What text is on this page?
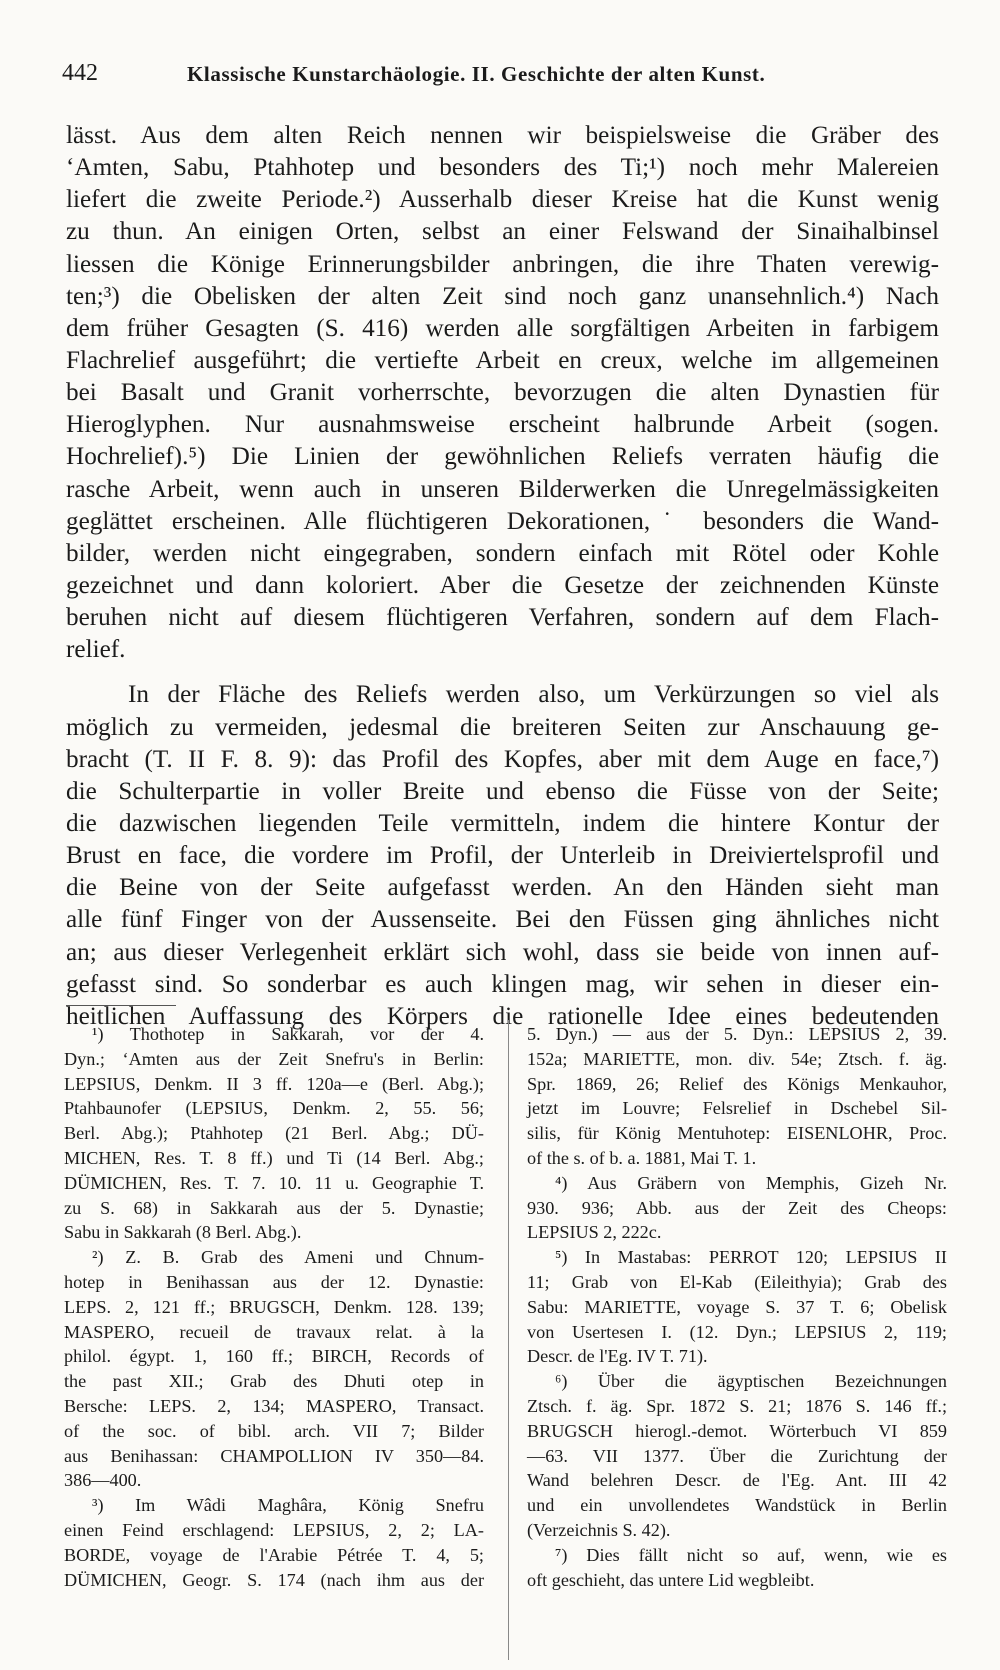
442	Klassische Kunstarchäologie. II. Geschichte der alten Kunst.
lässt. Aus dem alten Reich nennen wir beispielsweise die Gräber des
ʻAmten, Sabu, Ptahhotep und besonders des Ti;¹) noch mehr Malereien
liefert die zweite Periode.²) Ausserhalb dieser Kreise hat die Kunst wenig
zu thun. An einigen Orten, selbst an einer Felswand der Sinaihalbinsel
liessen die Könige Erinnerungsbilder anbringen, die ihre Thaten verewig-
ten;³) die Obelisken der alten Zeit sind noch ganz unansehnlich.⁴) Nach
dem früher Gesagten (S. 416) werden alle sorgfältigen Arbeiten in farbigem
Flachrelief ausgeführt; die vertiefte Arbeit en creux, welche im allgemeinen
bei Basalt und Granit vorherrschte, bevorzugen die alten Dynastien für
Hieroglyphen. Nur ausnahmsweise erscheint halbrunde Arbeit (sogen.
Hochrelief).⁵) Die Linien der gewöhnlichen Reliefs verraten häufig die
rasche Arbeit, wenn auch in unseren Bilderwerken die Unregelmässigkeiten
geglättet erscheinen. Alle flüchtigeren Dekorationen,˙ besonders die Wand-
bilder, werden nicht eingegraben, sondern einfach mit Rötel oder Kohle
gezeichnet und dann koloriert. Aber die Gesetze der zeichnenden Künste
beruhen nicht auf diesem flüchtigeren Verfahren, sondern auf dem Flach-
relief.
In der Fläche des Reliefs werden also, um Verkürzungen so viel als
möglich zu vermeiden, jedesmal die breiteren Seiten zur Anschauung ge-
bracht (T. II F. 8. 9): das Profil des Kopfes, aber mit dem Auge en face,⁷)
die Schulterpartie in voller Breite und ebenso die Füsse von der Seite;
die dazwischen liegenden Teile vermitteln, indem die hintere Kontur der
Brust en face, die vordere im Profil, der Unterleib in Dreiviertelsprofil und
die Beine von der Seite aufgefasst werden. An den Händen sieht man
alle fünf Finger von der Aussenseite. Bei den Füssen ging ähnliches nicht
an; aus dieser Verlegenheit erklärt sich wohl, dass sie beide von innen auf-
gefasst sind. So sonderbar es auch klingen mag, wir sehen in dieser ein-
heitlichen Auffassung des Körpers die rationelle Idee eines bedeutenden
¹) Thothotep in Sakkarah, vor der 4.
Dyn.; ʻAmten aus der Zeit Snefru's in Berlin:
LEPSIUS, Denkm. II 3 ff. 120a—e (Berl. Abg.);
Ptahbaunofer (LEPSIUS, Denkm. 2, 55. 56;
Berl. Abg.); Ptahhotep (21 Berl. Abg.; DÜ-
MICHEN, Res. T. 8 ff.) und Ti (14 Berl. Abg.;
DÜMICHEN, Res. T. 7. 10. 11 u. Geographie T.
zu S. 68) in Sakkarah aus der 5. Dynastie;
Sabu in Sakkarah (8 Berl. Abg.).
²) Z. B. Grab des Ameni und Chnum-
hotep in Benihassan aus der 12. Dynastie:
LEPS. 2, 121 ff.; BRUGSCH, Denkm. 128. 139;
MASPERO, recueil de travaux relat. à la
philol. égypt. 1, 160 ff.; BIRCH, Records of
the past XII.; Grab des Dhuti otep in
Bersche: LEPS. 2, 134; MASPERO, Transact.
of the soc. of bibl. arch. VII 7; Bilder
aus Benihassan: CHAMPOLLION IV 350—84.
386—400.
³) Im Wâdi Maghâra, König Snefru
einen Feind erschlagend: LEPSIUS, 2, 2; LA-
BORDE, voyage de l'Arabie Pétrée T. 4, 5;
DÜMICHEN, Geogr. S. 174 (nach ihm aus der
5. Dyn.) — aus der 5. Dyn.: LEPSIUS 2, 39.
152a; MARIETTE, mon. div. 54e; Ztsch. f. äg.
Spr. 1869, 26; Relief des Königs Menkauhor,
jetzt im Louvre; Felsrelief in Dschebel Sil-
silis, für König Mentuhotep: EISENLOHR, Proc.
of the s. of b. a. 1881, Mai T. 1.
⁴) Aus Gräbern von Memphis, Gizeh Nr.
930. 936; Abb. aus der Zeit des Cheops:
LEPSIUS 2, 222c.
⁵) In Mastabas: PERROT 120; LEPSIUS II
11; Grab von El-Kab (Eileithyia); Grab des
Sabu: MARIETTE, voyage S. 37 T. 6; Obelisk
von Usertesen I. (12. Dyn.; LEPSIUS 2, 119;
Descr. de l'Eg. IV T. 71).
⁶) Über die ägyptischen Bezeichnungen
Ztsch. f. äg. Spr. 1872 S. 21; 1876 S. 146 ff.;
BRUGSCH hierogl.-demot. Wörterbuch VI 859
—63. VII 1377. Über die Zurichtung der
Wand belehren Descr. de l'Eg. Ant. III 42
und ein unvollendetes Wandstück in Berlin
(Verzeichnis S. 42).
⁷) Dies fällt nicht so auf, wenn, wie es
oft geschieht, das untere Lid wegbleibt.
